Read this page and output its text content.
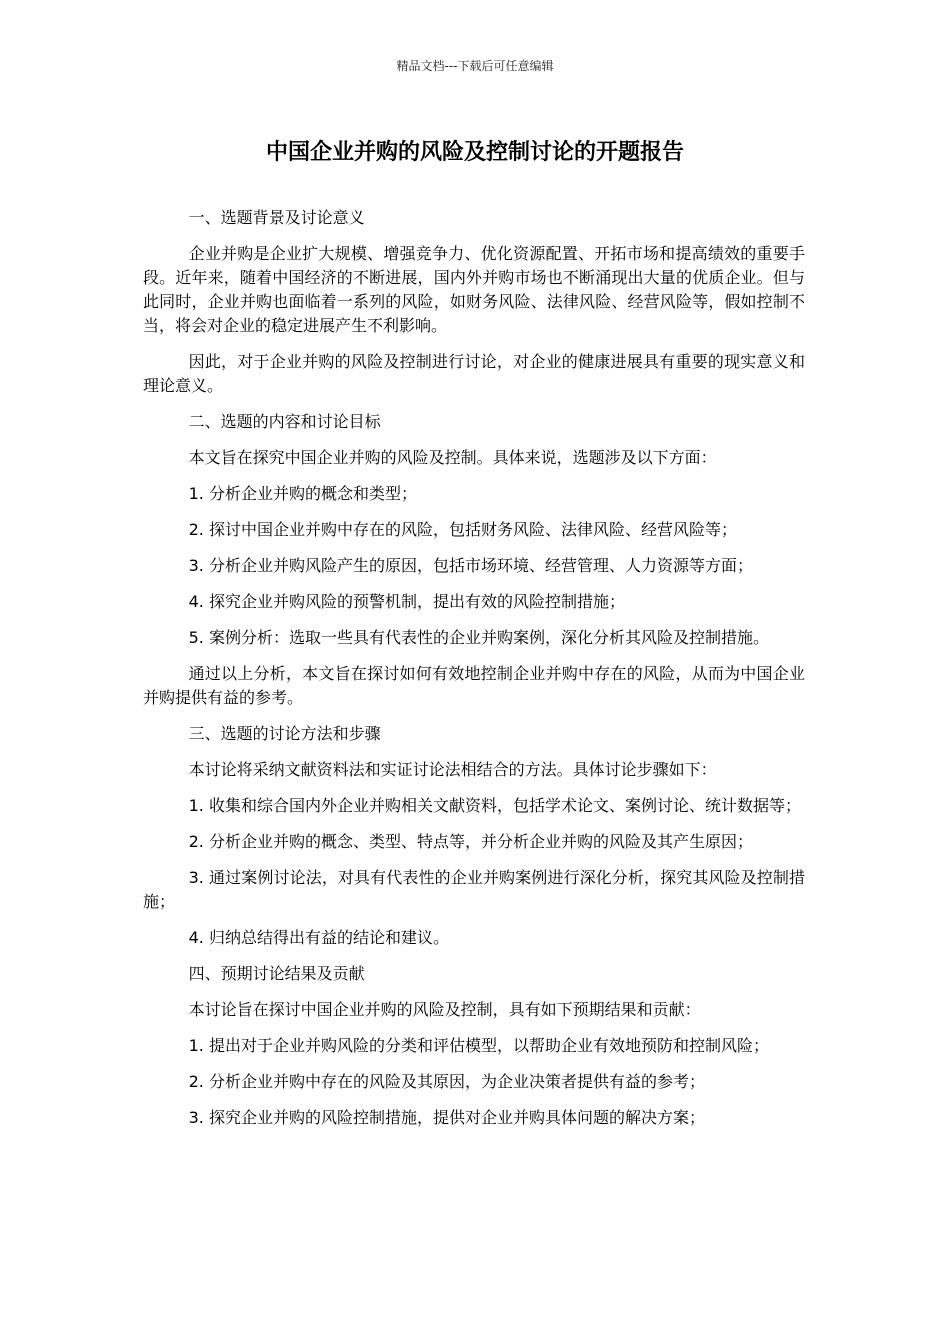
精品文档---下载后可任意编辑
中国企业并购的风险及控制讨论的开题报告

一、选题背景及讨论意义

企业并购是企业扩大规模、增强竞争力、优化资源配置、开拓市场和提高绩效的重要手段。近年来，随着中国经济的不断进展，国内外并购市场也不断涌现出大量的优质企业。但与此同时，企业并购也面临着一系列的风险，如财务风险、法律风险、经营风险等，假如控制不当，将会对企业的稳定进展产生不利影响。

因此，对于企业并购的风险及控制进行讨论，对企业的健康进展具有重要的现实意义和理论意义。

二、选题的内容和讨论目标

本文旨在探究中国企业并购的风险及控制。具体来说，选题涉及以下方面：

1. 分析企业并购的概念和类型；

2. 探讨中国企业并购中存在的风险，包括财务风险、法律风险、经营风险等；

3. 分析企业并购风险产生的原因，包括市场环境、经营管理、人力资源等方面；

4. 探究企业并购风险的预警机制，提出有效的风险控制措施；

5. 案例分析：选取一些具有代表性的企业并购案例，深化分析其风险及控制措施。

通过以上分析，本文旨在探讨如何有效地控制企业并购中存在的风险，从而为中国企业并购提供有益的参考。

三、选题的讨论方法和步骤

本讨论将采纳文献资料法和实证讨论法相结合的方法。具体讨论步骤如下：

1. 收集和综合国内外企业并购相关文献资料，包括学术论文、案例讨论、统计数据等；

2. 分析企业并购的概念、类型、特点等，并分析企业并购的风险及其产生原因；

3. 通过案例讨论法，对具有代表性的企业并购案例进行深化分析，探究其风险及控制措施；

4. 归纳总结得出有益的结论和建议。

四、预期讨论结果及贡献

本讨论旨在探讨中国企业并购的风险及控制，具有如下预期结果和贡献：

1. 提出对于企业并购风险的分类和评估模型，以帮助企业有效地预防和控制风险；

2. 分析企业并购中存在的风险及其原因，为企业决策者提供有益的参考；

3. 探究企业并购的风险控制措施，提供对企业并购具体问题的解决方案；
